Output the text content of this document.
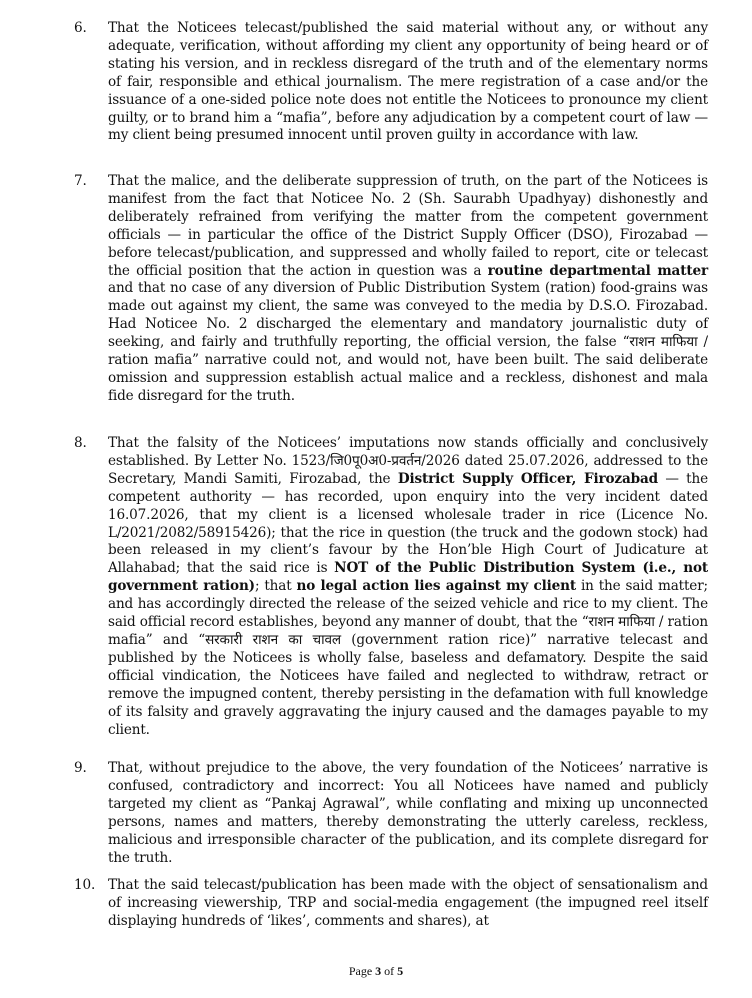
6.	That the Noticees telecast/published the said material without any, or without any adequate, verification, without affording my client any opportunity of being heard or of stating his version, and in reckless disregard of the truth and of the elementary norms of fair, responsible and ethical journalism. The mere registration of a case and/or the issuance of a one-sided police note does not entitle the Noticees to pronounce my client guilty, or to brand him a “mafia”, before any adjudication by a competent court of law — my client being presumed innocent until proven guilty in accordance with law.
7.	That the malice, and the deliberate suppression of truth, on the part of the Noticees is manifest from the fact that Noticee No. 2 (Sh. Saurabh Upadhyay) dishonestly and deliberately refrained from verifying the matter from the competent government officials — in particular the office of the District Supply Officer (DSO), Firozabad — before telecast/publication, and suppressed and wholly failed to report, cite or telecast the official position that the action in question was a routine departmental matter and that no case of any diversion of Public Distribution System (ration) food-grains was made out against my client, the same was conveyed to the media by D.S.O. Firozabad. Had Noticee No. 2 discharged the elementary and mandatory journalistic duty of seeking, and fairly and truthfully reporting, the official version, the false “राशन माफिया / ration mafia” narrative could not, and would not, have been built. The said deliberate omission and suppression establish actual malice and a reckless, dishonest and mala fide disregard for the truth.
8.	That the falsity of the Noticees’ imputations now stands officially and conclusively established. By Letter No. 1523/जि0पू0अ0-प्रवर्तन/2026 dated 25.07.2026, addressed to the Secretary, Mandi Samiti, Firozabad, the District Supply Officer, Firozabad — the competent authority — has recorded, upon enquiry into the very incident dated 16.07.2026, that my client is a licensed wholesale trader in rice (Licence No. L/2021/2082/58915426); that the rice in question (the truck and the godown stock) had been released in my client’s favour by the Hon’ble High Court of Judicature at Allahabad; that the said rice is NOT of the Public Distribution System (i.e., not government ration); that no legal action lies against my client in the said matter; and has accordingly directed the release of the seized vehicle and rice to my client. The said official record establishes, beyond any manner of doubt, that the “राशन माफिया / ration mafia” and “सरकारी राशन का चावल (government ration rice)” narrative telecast and published by the Noticees is wholly false, baseless and defamatory. Despite the said official vindication, the Noticees have failed and neglected to withdraw, retract or remove the impugned content, thereby persisting in the defamation with full knowledge of its falsity and gravely aggravating the injury caused and the damages payable to my client.
9.	That, without prejudice to the above, the very foundation of the Noticees’ narrative is confused, contradictory and incorrect: You all Noticees have named and publicly targeted my client as “Pankaj Agrawal”, while conflating and mixing up unconnected persons, names and matters, thereby demonstrating the utterly careless, reckless, malicious and irresponsible character of the publication, and its complete disregard for the truth.
10. That the said telecast/publication has been made with the object of sensationalism and of increasing viewership, TRP and social-media engagement (the impugned reel itself displaying hundreds of ‘likes’, comments and shares), at
Page 3 of 5
